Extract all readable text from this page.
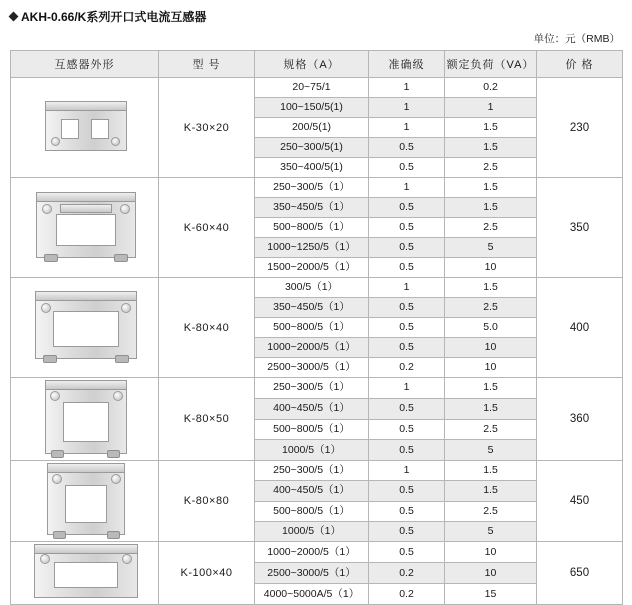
AKH-0.66/K系列开口式电流互感器
单位：元（RMB）
互感器外形	型 号	规格（A）	准确级	额定负荷（VA）	价 格

	K-30×20	20~75/1	1	0.2	230
		100~150/5(1)	1	1	
		200/5(1)	1	1.5	
		250~300/5(1)	0.5	1.5	
		350~400/5(1)	0.5	2.5	

	K-60×40	250~300/5（1）	1	1.5	350
		350~450/5（1）	0.5	1.5	
		500~800/5（1）	0.5	2.5	
		1000~1250/5（1）	0.5	5	
		1500~2000/5（1）	0.5	10	

	K-80×40	300/5（1）	1	1.5	400
		350~450/5（1）	0.5	2.5	
		500~800/5（1）	0.5	5.0	
		1000~2000/5（1）	0.5	10	
		2500~3000/5（1）	0.2	10	

	K-80×50	250~300/5（1）	1	1.5	360
		400~450/5（1）	0.5	1.5	
		500~800/5（1）	0.5	2.5	
		1000/5（1）	0.5	5	

	K-80×80	250~300/5（1）	1	1.5	450
		400~450/5（1）	0.5	1.5	
		500~800/5（1）	0.5	2.5	
		1000/5（1）	0.5	5	

	K-100×40	1000~2000/5（1）	0.5	10	650
		2500~3000/5（1）	0.2	10	
		4000~5000A/5（1）	0.2	15	
